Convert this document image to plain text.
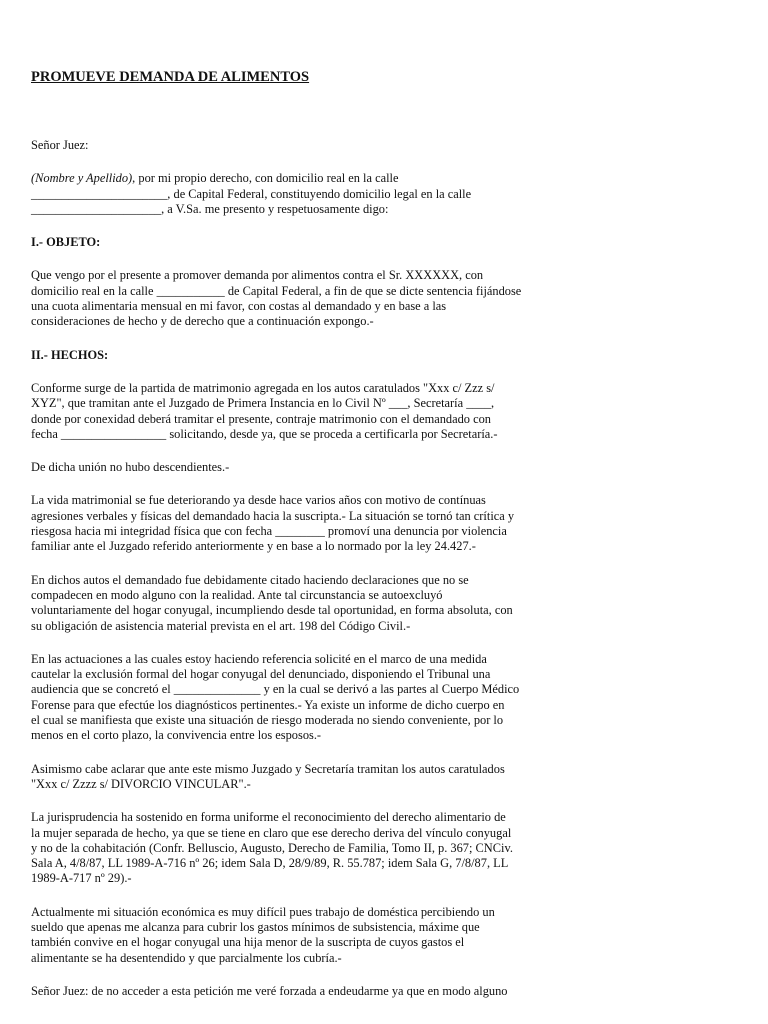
PROMUEVE DEMANDA DE ALIMENTOS
Señor Juez:
(Nombre y Apellido), por mi propio derecho, con domicilio real en la calle
______________________, de Capital Federal, constituyendo domicilio legal en la calle
_____________________, a V.Sa. me presento y respetuosamente digo:
I.- OBJETO:
Que vengo por el presente a promover demanda por alimentos contra el Sr. XXXXXX, con
domicilio real en la calle ___________ de Capital Federal, a fin de que se dicte sentencia fijándose
una cuota alimentaria mensual en mi favor, con costas al demandado y en base a las
consideraciones de hecho y de derecho que a continuación expongo.-
II.- HECHOS:
Conforme surge de la partida de matrimonio agregada en los autos caratulados "Xxx c/ Zzz s/
XYZ", que tramitan ante el Juzgado de Primera Instancia en lo Civil Nº ___, Secretaría ____,
donde por conexidad deberá tramitar el presente, contraje matrimonio con el demandado con
fecha _________________ solicitando, desde ya, que se proceda a certificarla por Secretaría.-
De dicha unión no hubo descendientes.-
La vida matrimonial se fue deteriorando ya desde hace varios años con motivo de contínuas
agresiones verbales y físicas del demandado hacia la suscripta.- La situación se tornó tan crítica y
riesgosa hacia mi integridad física que con fecha ________ promoví una denuncia por violencia
familiar ante el Juzgado referido anteriormente y en base a lo normado por la ley 24.427.-
En dichos autos el demandado fue debidamente citado haciendo declaraciones que no se
compadecen en modo alguno con la realidad. Ante tal circunstancia se autoexcluyó
voluntariamente del hogar conyugal, incumpliendo desde tal oportunidad, en forma absoluta, con
su obligación de asistencia material prevista en el art. 198 del Código Civil.-
En las actuaciones a las cuales estoy haciendo referencia solicité en el marco de una medida
cautelar la exclusión formal del hogar conyugal del denunciado, disponiendo el Tribunal una
audiencia que se concretó el ______________ y en la cual se derivó a las partes al Cuerpo Médico
Forense para que efectúe los diagnósticos pertinentes.- Ya existe un informe de dicho cuerpo en
el cual se manifiesta que existe una situación de riesgo moderada no siendo conveniente, por lo
menos en el corto plazo, la convivencia entre los esposos.-
Asimismo cabe aclarar que ante este mismo Juzgado y Secretaría tramitan los autos caratulados
"Xxx c/ Zzzz s/ DIVORCIO VINCULAR".-
La jurisprudencia ha sostenido en forma uniforme el reconocimiento del derecho alimentario de
la mujer separada de hecho, ya que se tiene en claro que ese derecho deriva del vínculo conyugal
y no de la cohabitación (Confr. Belluscio, Augusto, Derecho de Familia, Tomo II, p. 367; CNCiv.
Sala A, 4/8/87, LL 1989-A-716 nº 26; idem Sala D, 28/9/89, R. 55.787; idem Sala G, 7/8/87, LL
1989-A-717 nº 29).-
Actualmente mi situación económica es muy difícil pues trabajo de doméstica percibiendo un
sueldo que apenas me alcanza para cubrir los gastos mínimos de subsistencia, máxime que
también convive en el hogar conyugal una hija menor de la suscripta de cuyos gastos el
alimentante se ha desentendido y que parcialmente los cubría.-
Señor Juez: de no acceder a esta petición me veré forzada a endeudarme ya que en modo alguno
